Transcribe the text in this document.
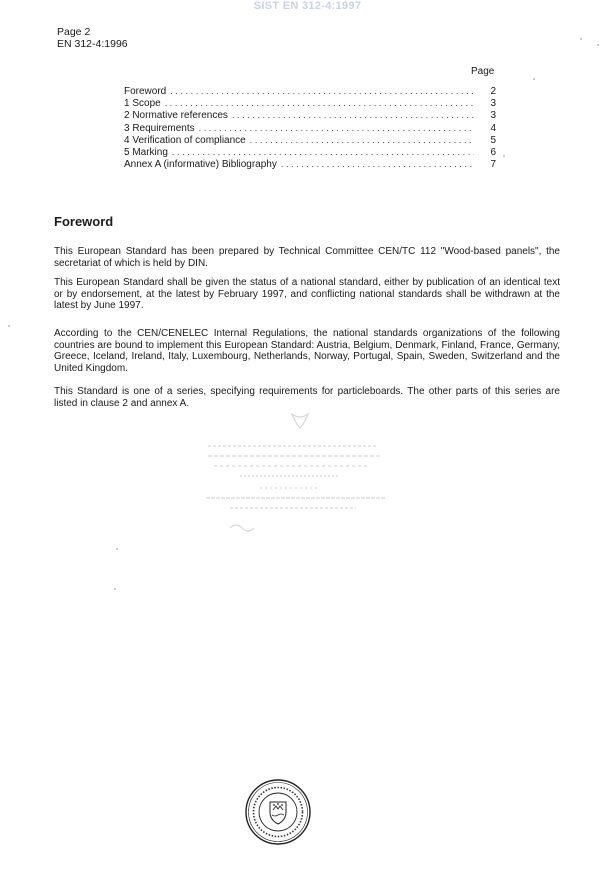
SIST EN 312-4:1997
Page 2
EN 312-4:1996
Page
Foreword .....	2
1 Scope .....	3
2 Normative references .....	3
3 Requirements .....	4
4 Verification of compliance .....	5
5 Marking .....	6
Annex A (informative) Bibliography .....	7
Foreword

This European Standard has been prepared by Technical Committee CEN/TC 112 "Wood-based panels", the secretariat of which is held by DIN.

This European Standard shall be given the status of a national standard, either by publication of an identical text or by endorsement, at the latest by February 1997, and conflicting national standards shall be withdrawn at the latest by June 1997.

According to the CEN/CENELEC Internal Regulations, the national standards organizations of the following countries are bound to implement this European Standard: Austria, Belgium, Denmark, Finland, France, Germany, Greece, Iceland, Ireland, Italy, Luxembourg, Netherlands, Norway, Portugal, Spain, Sweden, Switzerland and the United Kingdom.

This Standard is one of a series, specifying requirements for particleboards. The other parts of this series are listed in clause 2 and annex A.
